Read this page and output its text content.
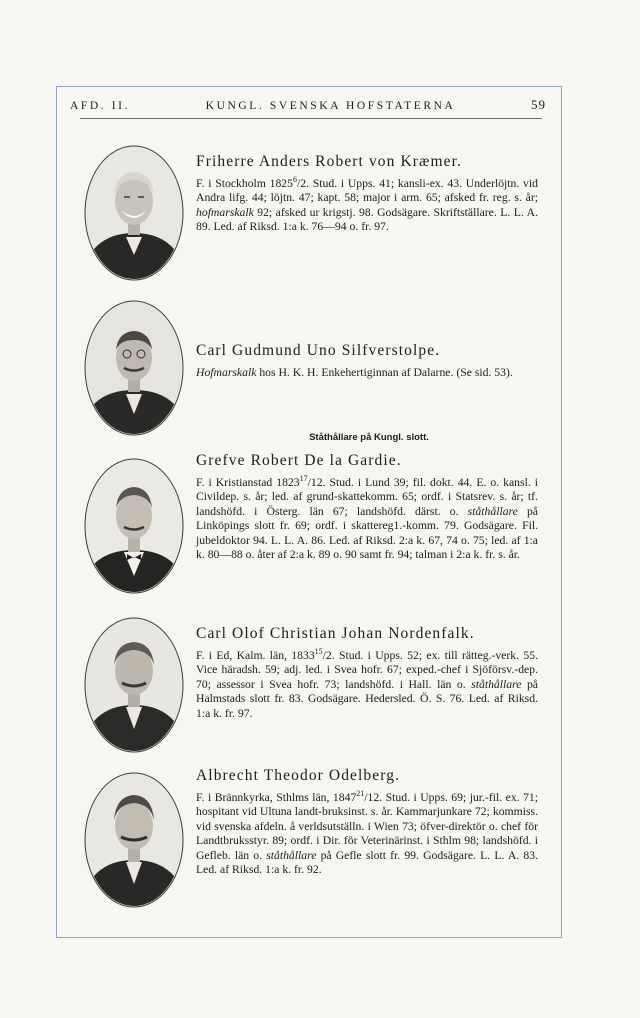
AFD. II.	KUNGL. SVENSKA HOFSTATERNA	59
Friherre Anders Robert von Kræmer.
F. i Stockholm 1825$^6$/2. Stud. i Upps. 41; kansli-ex. 43. Underlöjtn. vid Andra lifg. 44; löjtn. 47; kapt. 58; major i arm. 65; afsked fr. reg. s. år; hofmarskalk 92; afsked ur krigstj. 98. Godsägare. Skriftställare. L. L. A. 89. Led. af Riksd. 1:a k. 76—94 o. fr. 97.
Carl Gudmund Uno Silfverstolpe.
Hofmarskalk hos H. K. H. Enkehertiginnan af Dalarne. (Se sid. 53).
Ståthållare på Kungl. slott.
Grefve Robert De la Gardie.
F. i Kristianstad 1823$^{17}$/12. Stud. i Lund 39; fil. dokt. 44. E. o. kansl. i Civildep. s. år; led. af grund-skattekomm. 65; ordf. i Statsrev. s. år; tf. landshöfd. i Österg. län 67; landshöfd. därst. o. ståthållare på Linköpings slott fr. 69; ordf. i skattereg1.-komm. 79. Godsägare. Fil. jubeldoktor 94. L. L. A. 86. Led. af Riksd. 2:a k. 67, 74 o. 75; led. af 1:a k. 80—88 o. åter af 2:a k. 89 o. 90 samt fr. 94; talman i 2:a k. fr. s. år.
Carl Olof Christian Johan Nordenfalk.
F. i Ed, Kalm. län, 1833$^{15}$/2. Stud. i Upps. 52; ex. till rätteg.-verk. 55. Vice häradsh. 59; adj. led. i Svea hofr. 67; exped.-chef i Sjöförsv.-dep. 70; assessor i Svea hofr. 73; landshöfd. i Hall. län o. ståthållare på Halmstads slott fr. 83. Godsägare. Hedersled. Ö. S. 76. Led. af Riksd. 1:a k. fr. 97.
Albrecht Theodor Odelberg.
F. i Brännkyrka, Sthlms län, 1847$^{21}$/12. Stud. i Upps. 69; jur.-fil. ex. 71; hospitant vid Ultuna landt-bruksinst. s. år. Kammarjunkare 72; kommiss. vid svenska afdeln. å verldsutställn. i Wien 73; öfver-direktör o. chef för Landtbruksstyr. 89; ordf. i Dir. för Veterinärinst. i Sthlm 98; landshöfd. i Gefleb. län o. ståthållare på Gefle slott fr. 99. Godsägare. L. L. A. 83. Led. af Riksd. 1:a k. fr. 92.
